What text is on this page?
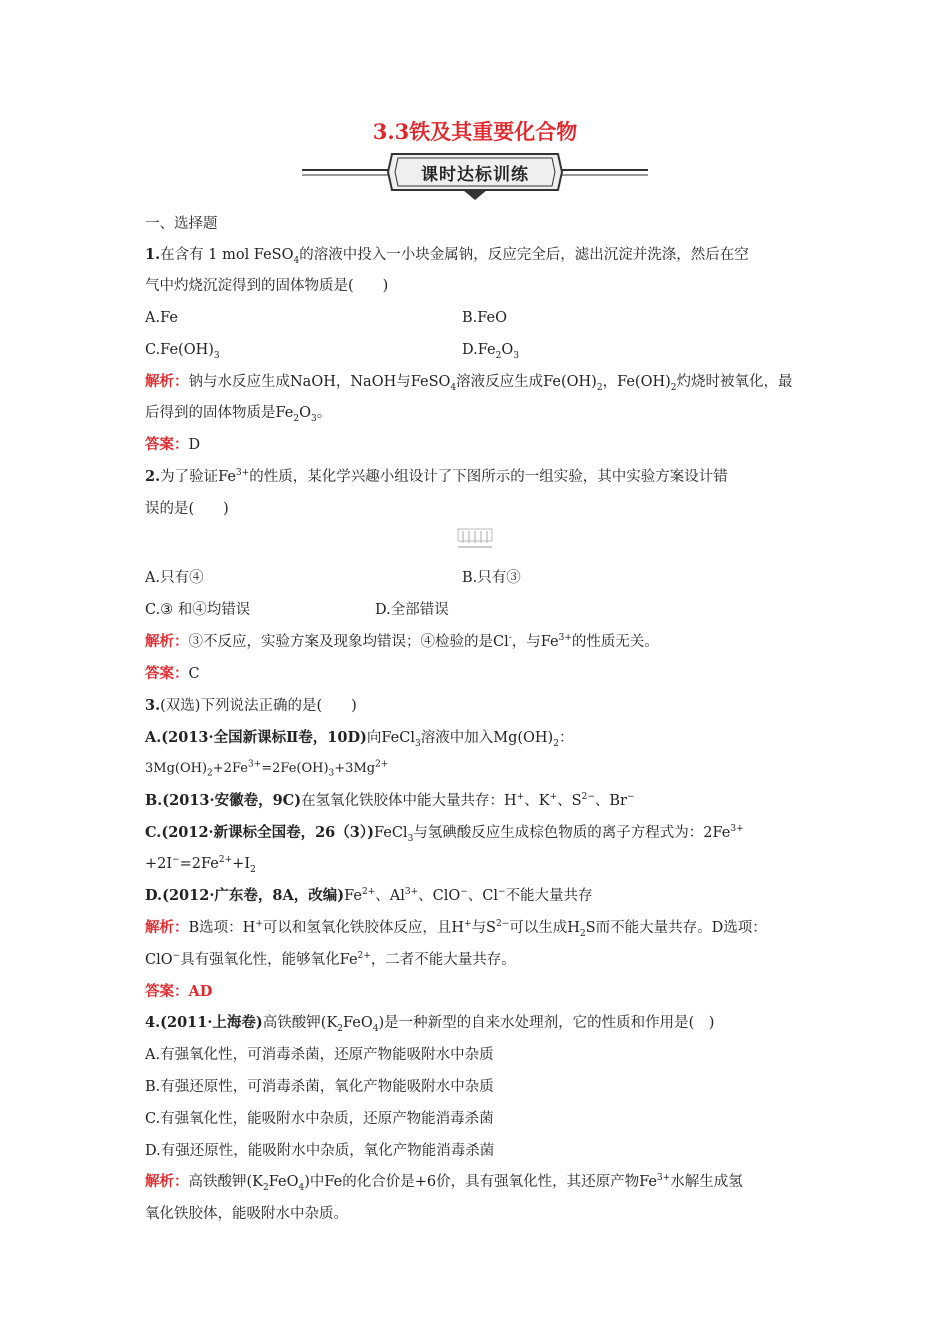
3.3铁及其重要化合物
课时达标训练
一、选择题
1.在含有 1 mol FeSO$_4$的溶液中投入一小块金属钠，反应完全后，滤出沉淀并洗涤，然后在空
气中灼烧沉淀得到的固体物质是(　　)
A.Fe	B.FeO
$C.Fe(OH)_3$	$D.Fe_2O_3$
解析：钠与水反应生成NaOH，NaOH与FeSO$_4$溶液反应生成$Fe(OH)_2$，$Fe(OH)_2$灼烧时被氧化，最
后得到的固体物质是$Fe_2O_3$。
答案：D
2.为了验证$Fe^{3+}$的性质，某化学兴趣小组设计了下图所示的一组实验，其中实验方案设计错
误的是(　　)
A.只有④	B.只有③
C.③ 和④均错误	D.全部错误
解析：③不反应，实验方案及现象均错误；④检验的是Cl-，与$Fe^{3+}$的性质无关。
答案：C
3.(双选)下列说法正确的是(　　)
A.(2013·全国新课标Ⅱ卷，10D)向FeCl$_3$溶液中加入$Mg(OH)_2$：
$3Mg(OH)_2+2Fe^{3+}=2Fe(OH)_3+3Mg^{2+}$
B.(2013·安徽卷，9C)在氢氧化铁胶体中能大量共存：H+、K+、$S^{2-}$、Br−
C.(2012·新课标全国卷，26（3）)FeCl$_3$与氢碘酸反应生成棕色物质的离子方程式为：$2Fe^{3+}$
$+2I^-=2Fe^{2+}+I_2$
D.(2012·广东卷，8A，改编)$Fe^{2+}$、$Al^{3+}$、ClO−、Cl−不能大量共存
解析：B选项：H+可以和氢氧化铁胶体反应，且H+与$S^{2-}$可以生成$H_2S$而不能大量共存。D选项：
ClO−具有强氧化性，能够氧化$Fe^{2+}$，二者不能大量共存。
答案：AD
4.(2011·上海卷)高铁酸钾$(K_2FeO_4)$是一种新型的自来水处理剂，它的性质和作用是(　)
A.有强氧化性，可消毒杀菌，还原产物能吸附水中杂质
B.有强还原性，可消毒杀菌，氧化产物能吸附水中杂质
C.有强氧化性，能吸附水中杂质，还原产物能消毒杀菌
D.有强还原性，能吸附水中杂质，氧化产物能消毒杀菌
解析：高铁酸钾$(K_2FeO_4)$中Fe的化合价是+6价，具有强氧化性，其还原产物$Fe^{3+}$水解生成氢
氧化铁胶体，能吸附水中杂质。
